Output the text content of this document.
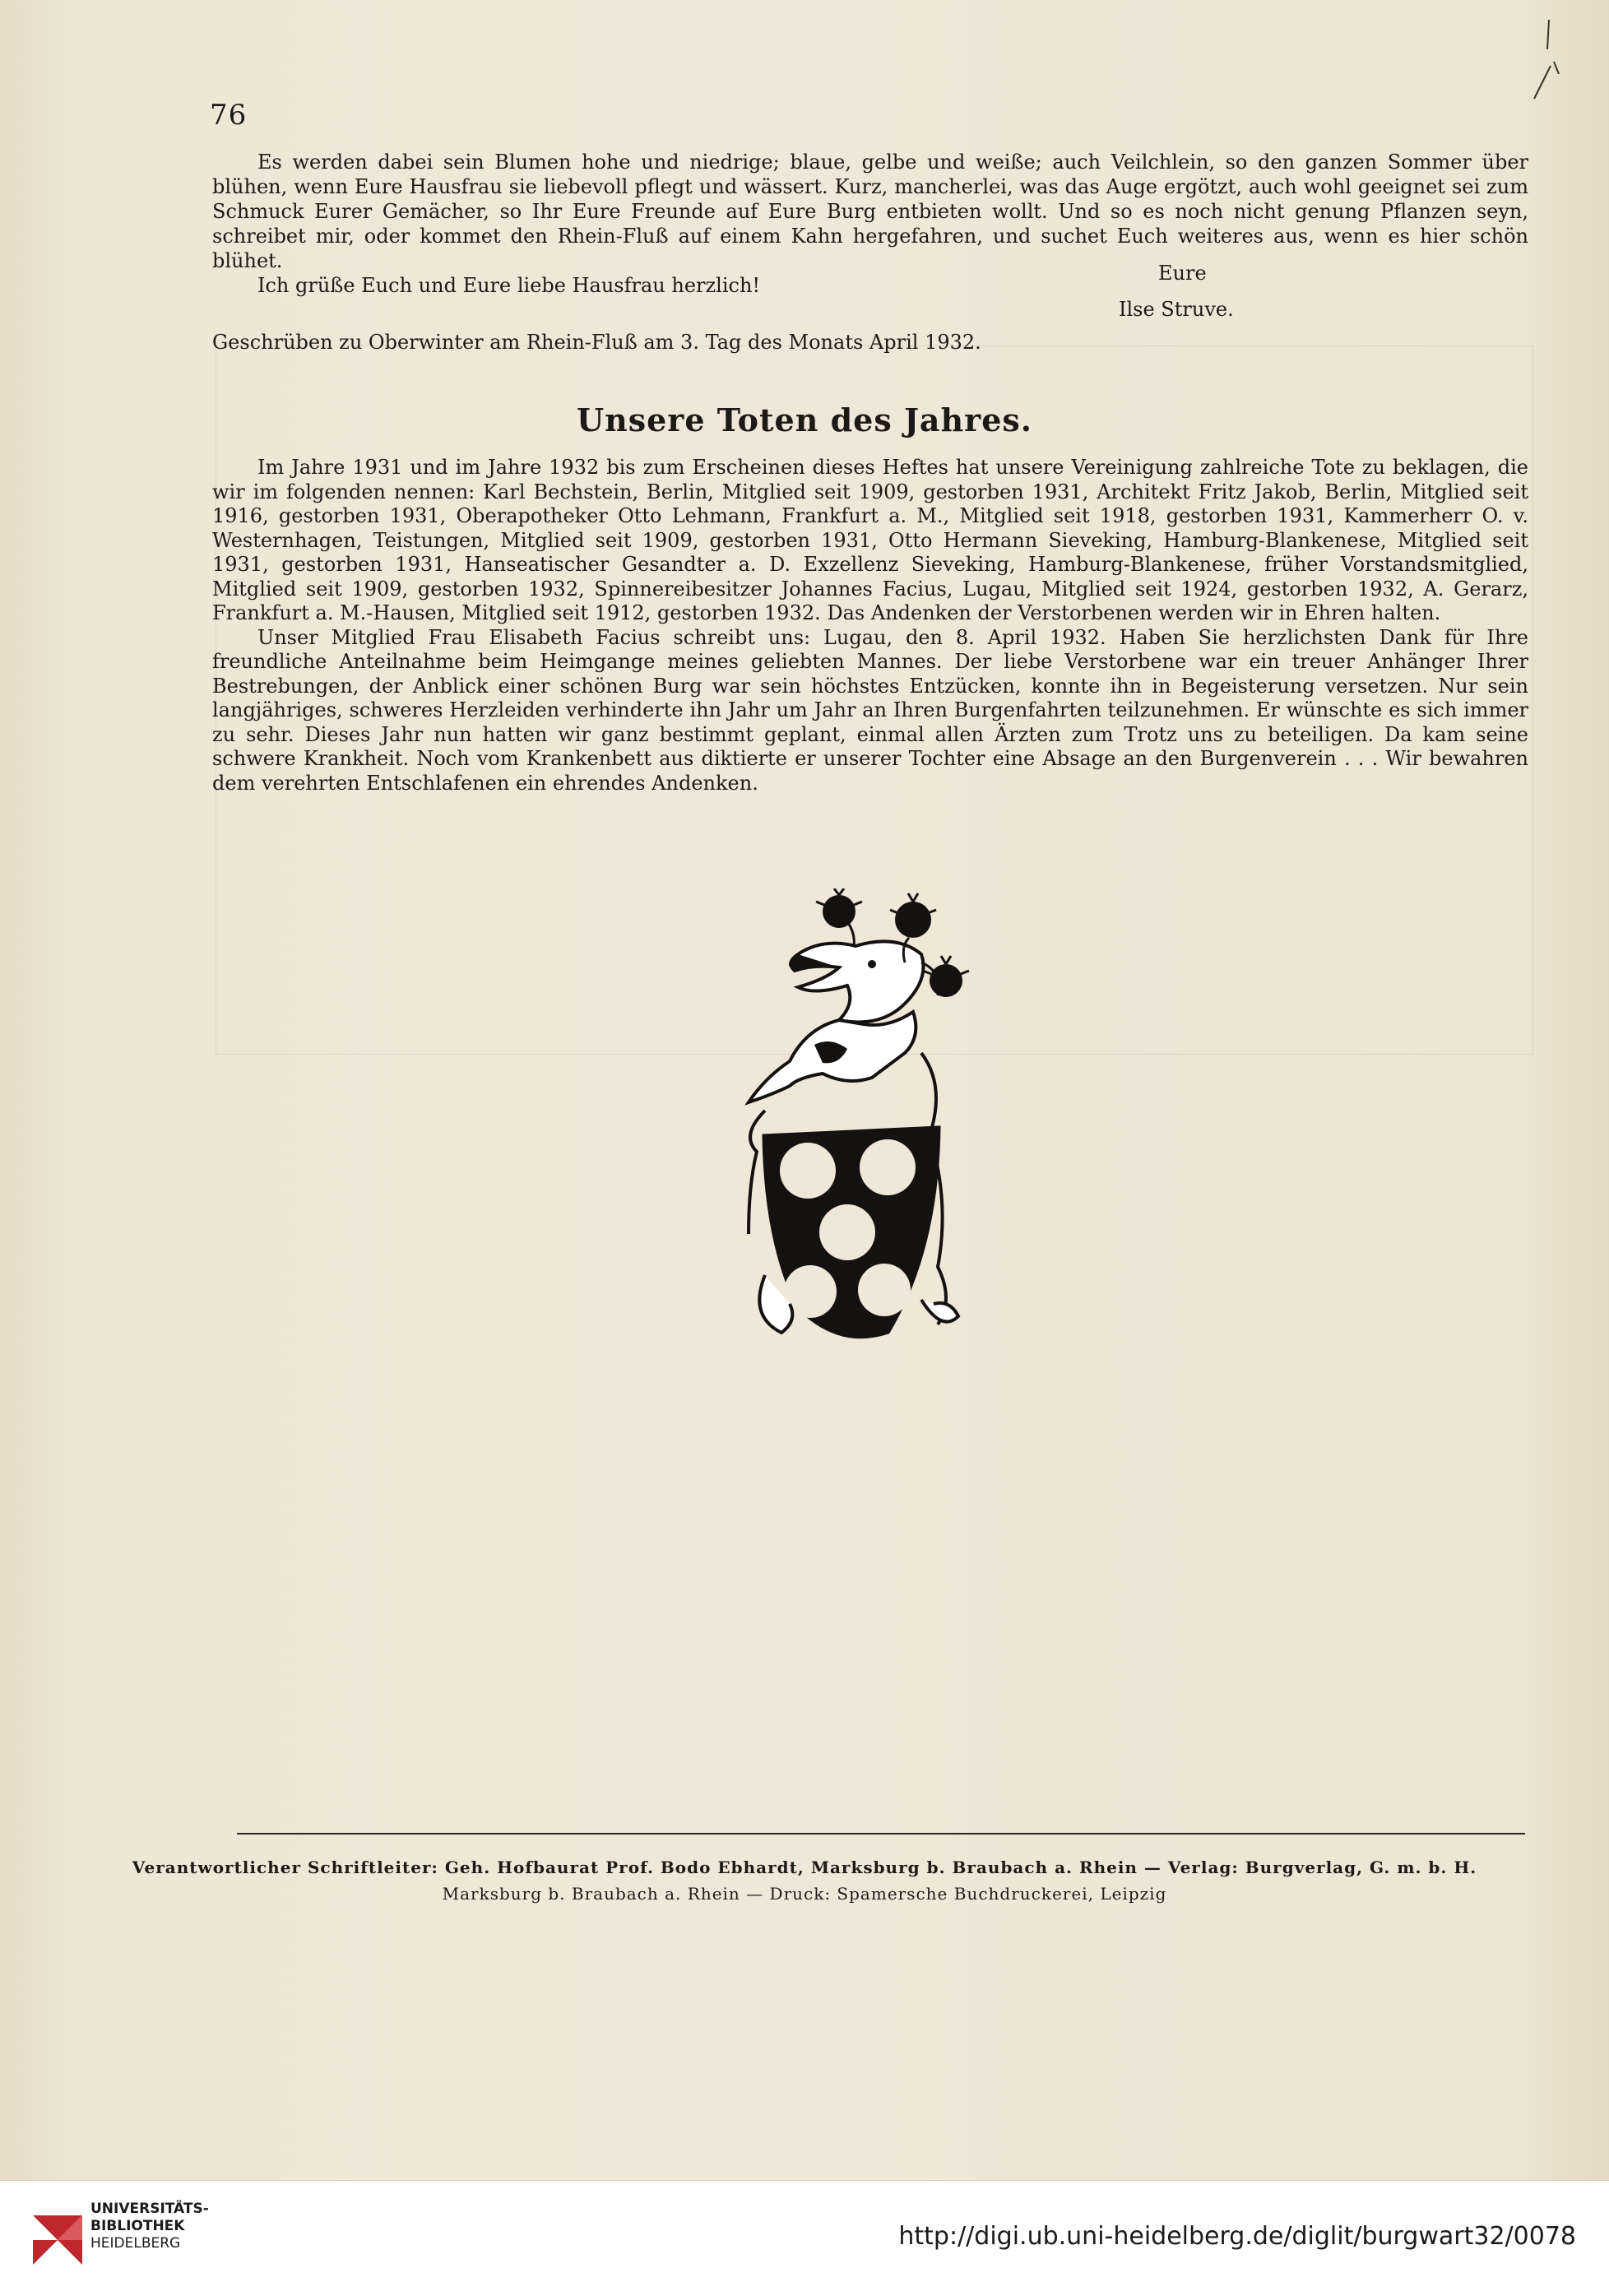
76

Es werden dabei sein Blumen hohe und niedrige; blaue, gelbe und weiße; auch Veilchlein, so den ganzen Sommer über blühen, wenn Eure Hausfrau sie liebevoll pflegt und wässert. Kurz, mancherlei, was das Auge ergötzt, auch wohl geeignet sei zum Schmuck Eurer Gemächer, so Ihr Eure Freunde auf Eure Burg entbieten wollt. Und so es noch nicht genung Pflanzen seyn, schreibet mir, oder kommet den Rhein-Fluß auf einem Kahn hergefahren, und suchet Euch weiteres aus, wenn es hier schön blühet.

Ich grüße Euch und Eure liebe Hausfrau herzlich!

Eure
Ilse Struve.
Geschrüben zu Oberwinter am Rhein-Fluß am 3. Tag des Monats April 1932.
Unsere Toten des Jahres.

Im Jahre 1931 und im Jahre 1932 bis zum Erscheinen dieses Heftes hat unsere Vereinigung zahlreiche Tote zu beklagen, die wir im folgenden nennen: Karl Bechstein, Berlin, Mitglied seit 1909, gestorben 1931, Architekt Fritz Jakob, Berlin, Mitglied seit 1916, gestorben 1931, Oberapotheker Otto Lehmann, Frankfurt a. M., Mitglied seit 1918, gestorben 1931, Kammerherr O. v. Westernhagen, Teistungen, Mitglied seit 1909, gestorben 1931, Otto Hermann Sieveking, Hamburg-Blankenese, Mitglied seit 1931, gestorben 1931, Hanseatischer Gesandter a. D. Exzellenz Sieveking, Hamburg-Blankenese, früher Vorstandsmitglied, Mitglied seit 1909, gestorben 1932, Spinnereibesitzer Johannes Facius, Lugau, Mitglied seit 1924, gestorben 1932, A. Gerarz, Frankfurt a. M.-Hausen, Mitglied seit 1912, gestorben 1932. Das Andenken der Verstorbenen werden wir in Ehren halten.

Unser Mitglied Frau Elisabeth Facius schreibt uns: Lugau, den 8. April 1932. Haben Sie herzlichsten Dank für Ihre freundliche Anteilnahme beim Heimgange meines geliebten Mannes. Der liebe Verstorbene war ein treuer Anhänger Ihrer Bestrebungen, der Anblick einer schönen Burg war sein höchstes Entzücken, konnte ihn in Begeisterung versetzen. Nur sein langjähriges, schweres Herzleiden verhinderte ihn Jahr um Jahr an Ihren Burgenfahrten teilzunehmen. Er wünschte es sich immer zu sehr. Dieses Jahr nun hatten wir ganz bestimmt geplant, einmal allen Ärzten zum Trotz uns zu beteiligen. Da kam seine schwere Krankheit. Noch vom Krankenbett aus diktierte er unserer Tochter eine Absage an den Burgenverein . . . Wir bewahren dem verehrten Entschlafenen ein ehrendes Andenken.

Verantwortlicher Schriftleiter: Geh. Hofbaurat Prof. Bodo Ebhardt, Marksburg b. Braubach a. Rhein — Verlag: Burgverlag, G. m. b. H.
Marksburg b. Braubach a. Rhein — Druck: Spamersche Buchdruckerei, Leipzig
UNIVERSITÄTS-
BIBLIOTHEK
HEIDELBERG	http://digi.ub.uni-heidelberg.de/diglit/burgwart32/0078
